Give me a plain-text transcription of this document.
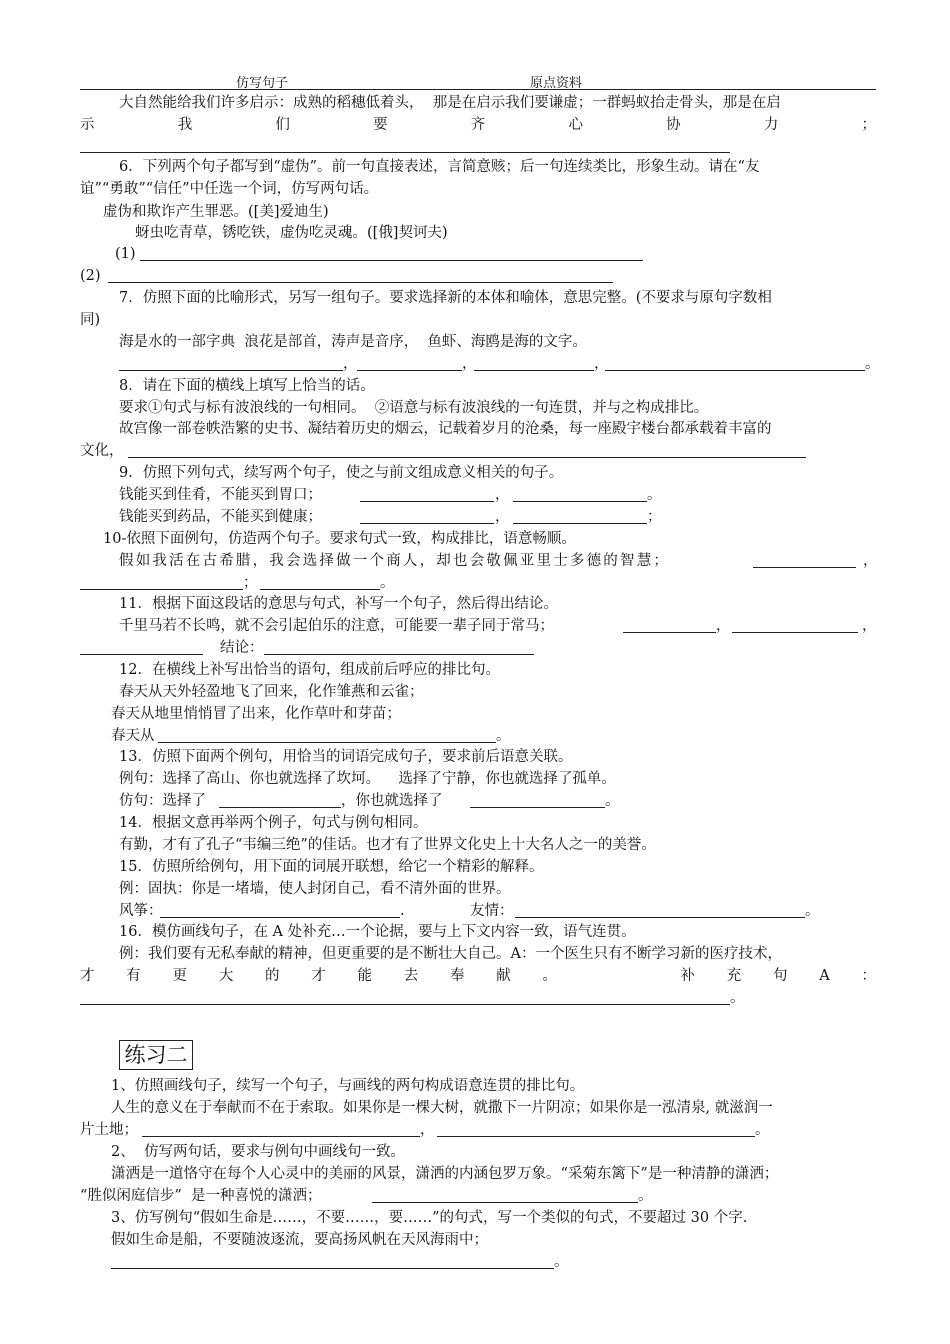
仿写句子	原点资料
大自然能给我们许多启示：成熟的稻穗低着头，  那是在启示我们要谦虚；一群蚂蚁抬走骨头，那是在启
示	我	们	要	齐	心	协	力	；
6．下列两个句子都写到“虚伪”。前一句直接表述，言简意赅；后一句连续类比，形象生动。请在“友
谊”“勇敢”“信任”中任选一个词，仿写两句话。
虚伪和欺诈产生罪恶。([美]爱迪生)
蚜虫吃青草，锈吃铁，虚伪吃灵魂。([俄]契诃夫)
(1)
(2)
7．仿照下面的比喻形式，另写一组句子。要求选择新的本体和喻体，意思完整。(不要求与原句字数相
同)
海是水的一部字典  浪花是部首，涛声是音序，  鱼虾、海鸥是海的文字。
，	，	，	。
8．请在下面的横线上填写上恰当的话。
要求①句式与标有波浪线的一句相同。  ②语意与标有波浪线的一句连贯，并与之构成排比。
故宫像一部卷帙浩繁的史书、凝结着历史的烟云，记载着岁月的沧桑，每一座殿宇楼台都承载着丰富的
文化，
9．仿照下列句式，续写两个句子，使之与前文组成意义相关的句子。
钱能买到佳肴，不能买到胃口；	，	。
钱能买到药品，不能买到健康；	，	；
10-依照下面例句，仿造两个句子。要求句式一致，构成排比，语意畅顺。
假如我活在古希腊，我会选择做一个商人，却也会敬佩亚里士多德的智慧；	，
；	。
11．根据下面这段话的意思与句式，补写一个句子，然后得出结论。
千里马若不长鸣，就不会引起伯乐的注意，可能要一辈子同于常马；	，	，
结论：
12．在横线上补写出恰当的语句，组成前后呼应的排比句。
春天从天外轻盈地飞了回来，化作雏燕和云雀；
春天从地里悄悄冒了出来，化作草叶和芽苗；
春天从	。
13．仿照下面两个例句，用恰当的词语完成句子，要求前后语意关联。
例句：选择了高山、你也就选择了坎坷。    选择了宁静，你也就选择了孤单。
仿句：选择了	，你也就选择了	。
14．根据文意再举两个例子，句式与例句相同。
有勤，才有了孔子“韦编三绝”的佳话。也才有了世界文化史上十大名人之一的美誉。
15．仿照所给例句，用下面的词展开联想，给它一个精彩的解释。
例：固执：你是一堵墙，使人封闭自己，看不清外面的世界。
风筝：	.	友情：	。
16．模仿画线句子，在 A 处补充…一个论据，要与上下文内容一致，语气连贯。
例：我们要有无私奉献的精神，但更重要的是不断壮大自己。A：一个医生只有不断学习新的医疗技术，
才 有 更 大 的 才 能 去 奉 献 。	补 充 句 A ：
。
练习二
1、仿照画线句子，续写一个句子，与画线的两句构成语意连贯的排比句。
人生的意义在于奉献而不在于索取。如果你是一棵大树，就撒下一片阴凉；如果你是一泓清泉, 就滋润一
片土地；	，	。
2、  仿写两句话，要求与例句中画线句一致。
潇洒是一道恪守在每个人心灵中的美丽的风景，潇洒的内涵包罗万象。“采菊东篱下”是一种清静的潇洒；
“胜似闲庭信步”  是一种喜悦的潇洒；	。
3、仿写例句“假如生命是……，不要……，要……”的句式，写一个类似的句式，不要超过 30 个字.
假如生命是船，不要随波逐流，要高扬风帆在天风海雨中；
。
